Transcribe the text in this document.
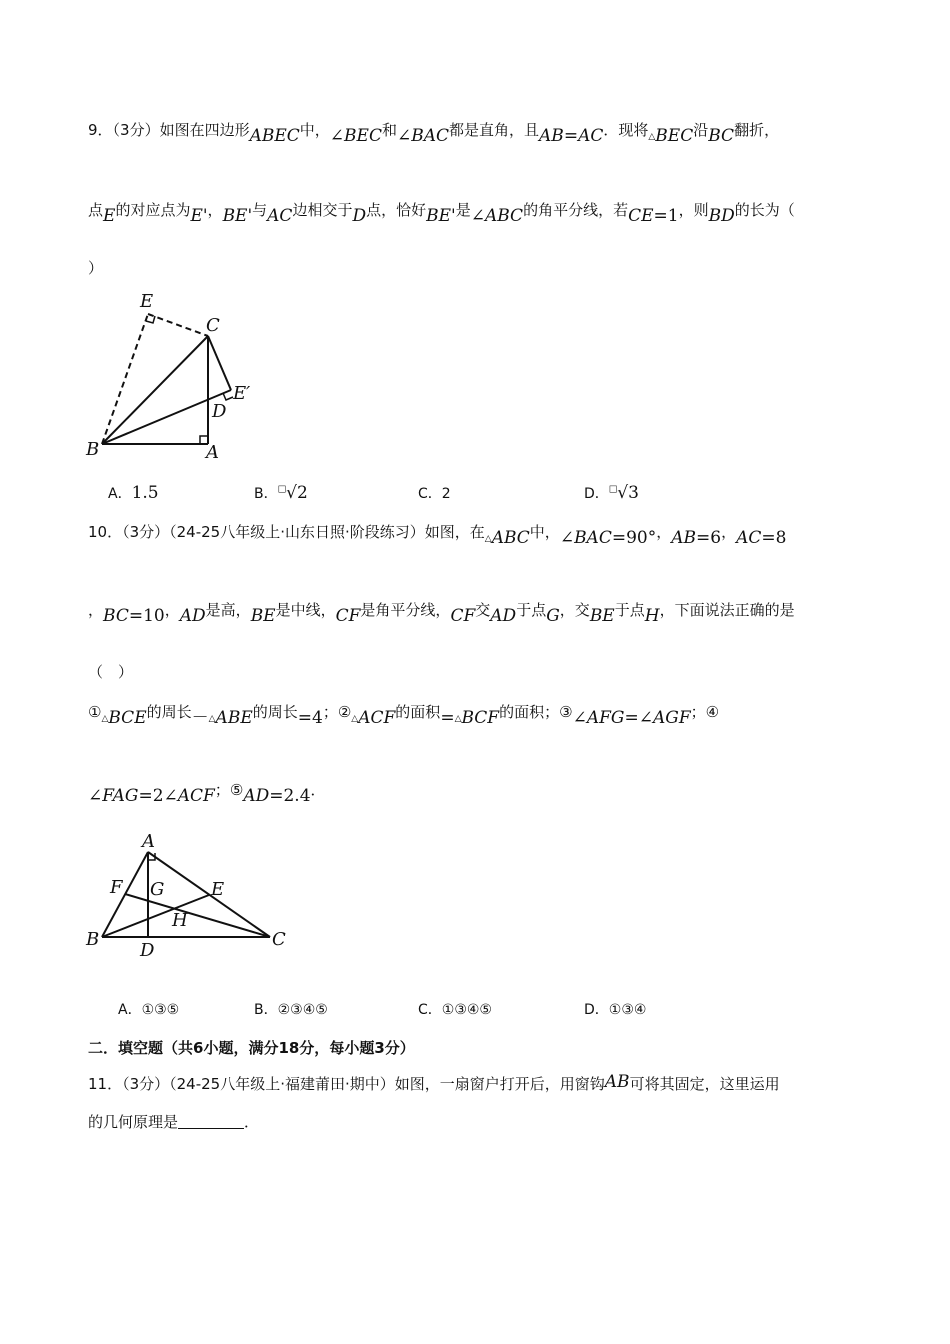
9．（3分）如图在四边形ABEC中，∠BEC和∠BAC都是直角，且AB=AC．现将$_\triangle$BEC沿BC翻折，
点E的对应点为E'，BE'与AC边相交于D点，恰好BE'是∠ABC的角平分线，若CE=1，则BD的长为（
）
E
C
E′
D
B	A
A．1.5	B．□√2	C．2	D．□√3
10．（3分）（24-25八年级上·山东日照·阶段练习）如图，在$_\triangle$ABC中，∠BAC=90°，AB=6，AC=8
，BC=10，AD是高，BE是中线，CF是角平分线，CF交AD于点G，交BE于点H，下面说法正确的是
（　）
$①_\triangle BCE$的周长$-_\triangle ABE$的周长=4；$②_\triangle ACF$的面积$=_\triangle BCF$的面积；③∠AFG=∠AGF；④
∠FAG=2∠ACF；⑤AD=2.4．
A
F G	E
H
B
D
C
A．①③⑤	B．②③④⑤	C．①③④⑤	D．①③④
二．填空题（共6小题，满分18分，每小题3分）
11．（3分）（24-25八年级上·福建莆田·期中）如图，一扇窗户打开后，用窗钩AB可将其固定，这里运用
的几何原理是	．
